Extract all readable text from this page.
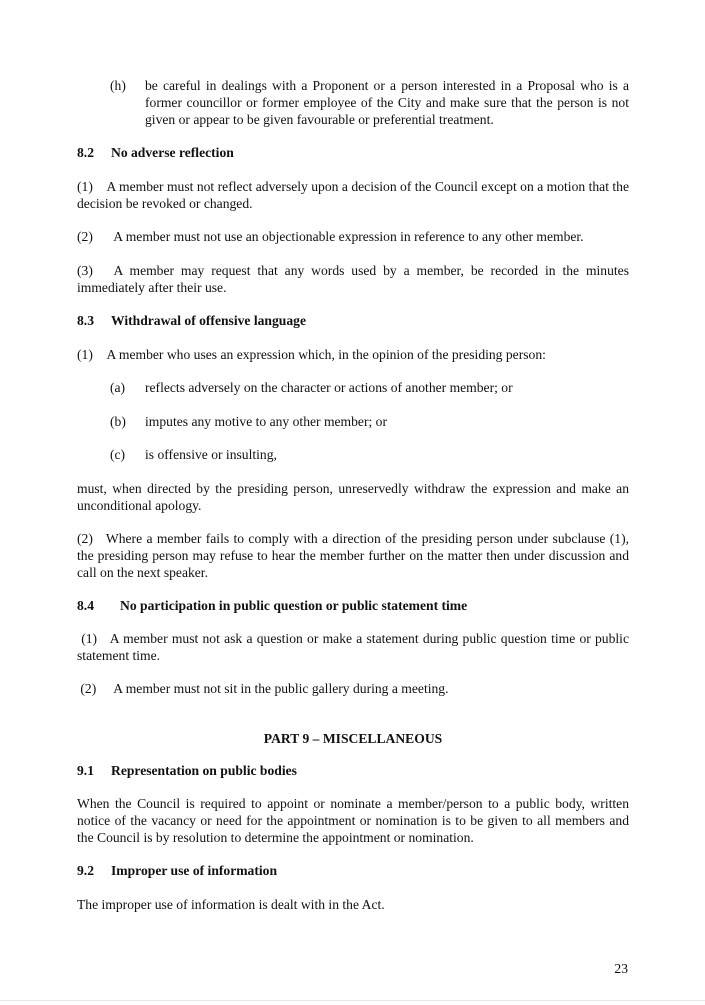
(h) be careful in dealings with a Proponent or a person interested in a Proposal who is a former councillor or former employee of the City and make sure that the person is not given or appear to be given favourable or preferential treatment.
8.2 No adverse reflection

(1)    A member must not reflect adversely upon a decision of the Council except on a motion that the decision be revoked or changed.

(2)      A member must not use an objectionable expression in reference to any other member.

(3)   A member may request that any words used by a member, be recorded in the minutes immediately after their use.

8.3 Withdrawal of offensive language

(1)    A member who uses an expression which, in the opinion of the presiding person:

(a) reflects adversely on the character or actions of another member; or
(b) imputes any motive to any other member; or
(c) is offensive or insulting,

must, when directed by the presiding person, unreservedly withdraw the expression and make an unconditional apology.

(2)   Where a member fails to comply with a direction of the presiding person under subclause (1), the presiding person may refuse to hear the member further on the matter then under discussion and call on the next speaker.

8.4 No participation in public question or public statement time

(1)   A member must not ask a question or make a statement during public question time or public statement time.

(2)     A member must not sit in the public gallery during a meeting.

PART 9 – MISCELLANEOUS
9.1 Representation on public bodies

When the Council is required to appoint or nominate a member/person to a public body, written notice of the vacancy or need for the appointment or nomination is to be given to all members and the Council is by resolution to determine the appointment or nomination.

9.2 Improper use of information

The improper use of information is dealt with in the Act.

23
